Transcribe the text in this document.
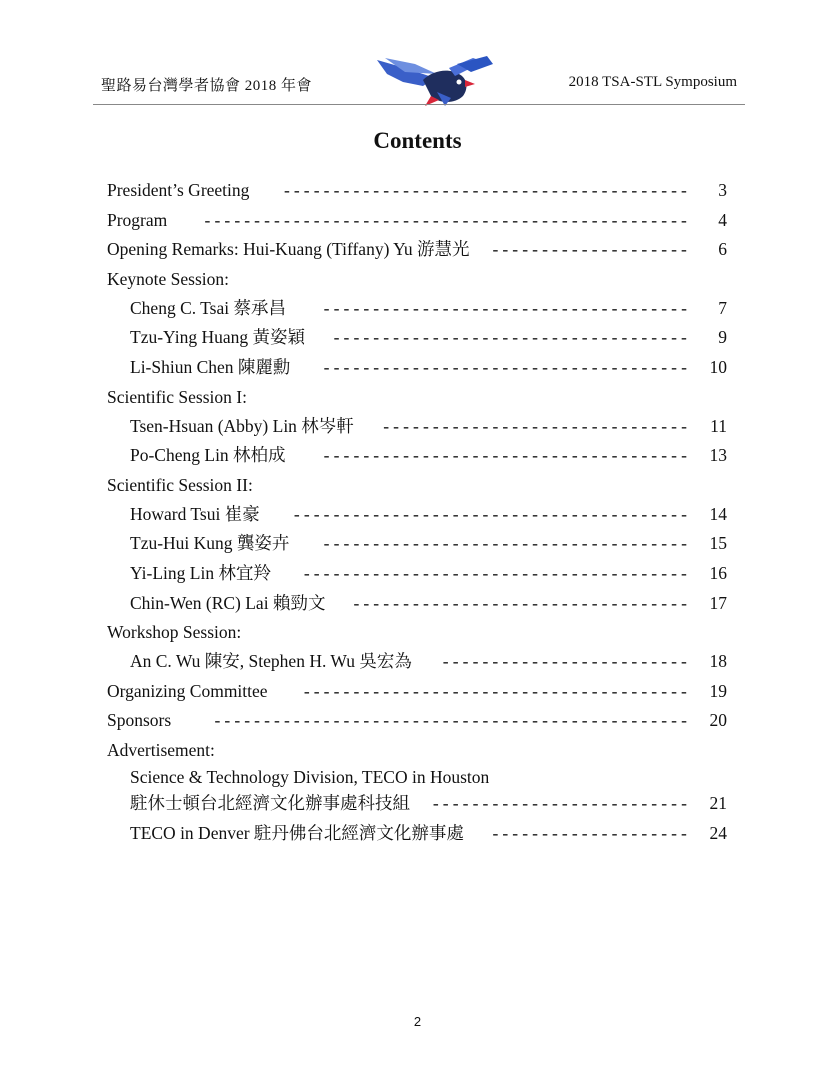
聖路易台灣學者協會 2018 年會	2018 TSA-STL Symposium
Contents
President’s Greeting	3
-----------------------------------------
Program	4
-------------------------------------------------
Opening Remarks: Hui-Kuang (Tiffany) Yu 游慧光	6
--------------------
Keynote Session:
Cheng C. Tsai 蔡承昌	7
-------------------------------------
Tzu-Ying Huang 黃姿穎	9
------------------------------------
Li-Shiun Chen 陳麗勳	10
-------------------------------------
Scientific Session I:
Tsen-Hsuan (Abby) Lin 林岑軒	11
-------------------------------
Po-Cheng Lin 林柏成	13
-------------------------------------
Scientific Session II:
Howard Tsui 崔豪	14
----------------------------------------
Tzu-Hui Kung 龔姿卉	15
-------------------------------------
Yi-Ling Lin 林宜羚	16
---------------------------------------
Chin-Wen (RC) Lai 賴勁文	17
----------------------------------
Workshop Session:
An C. Wu 陳安, Stephen H. Wu 吳宏為	18
-------------------------
Organizing Committee	19
---------------------------------------
Sponsors	20
------------------------------------------------
Advertisement:
Science & Technology Division, TECO in Houston
駐休士頓台北經濟文化辦事處科技組	21
--------------------------
TECO in Denver 駐丹佛台北經濟文化辦事處	24
--------------------
2
